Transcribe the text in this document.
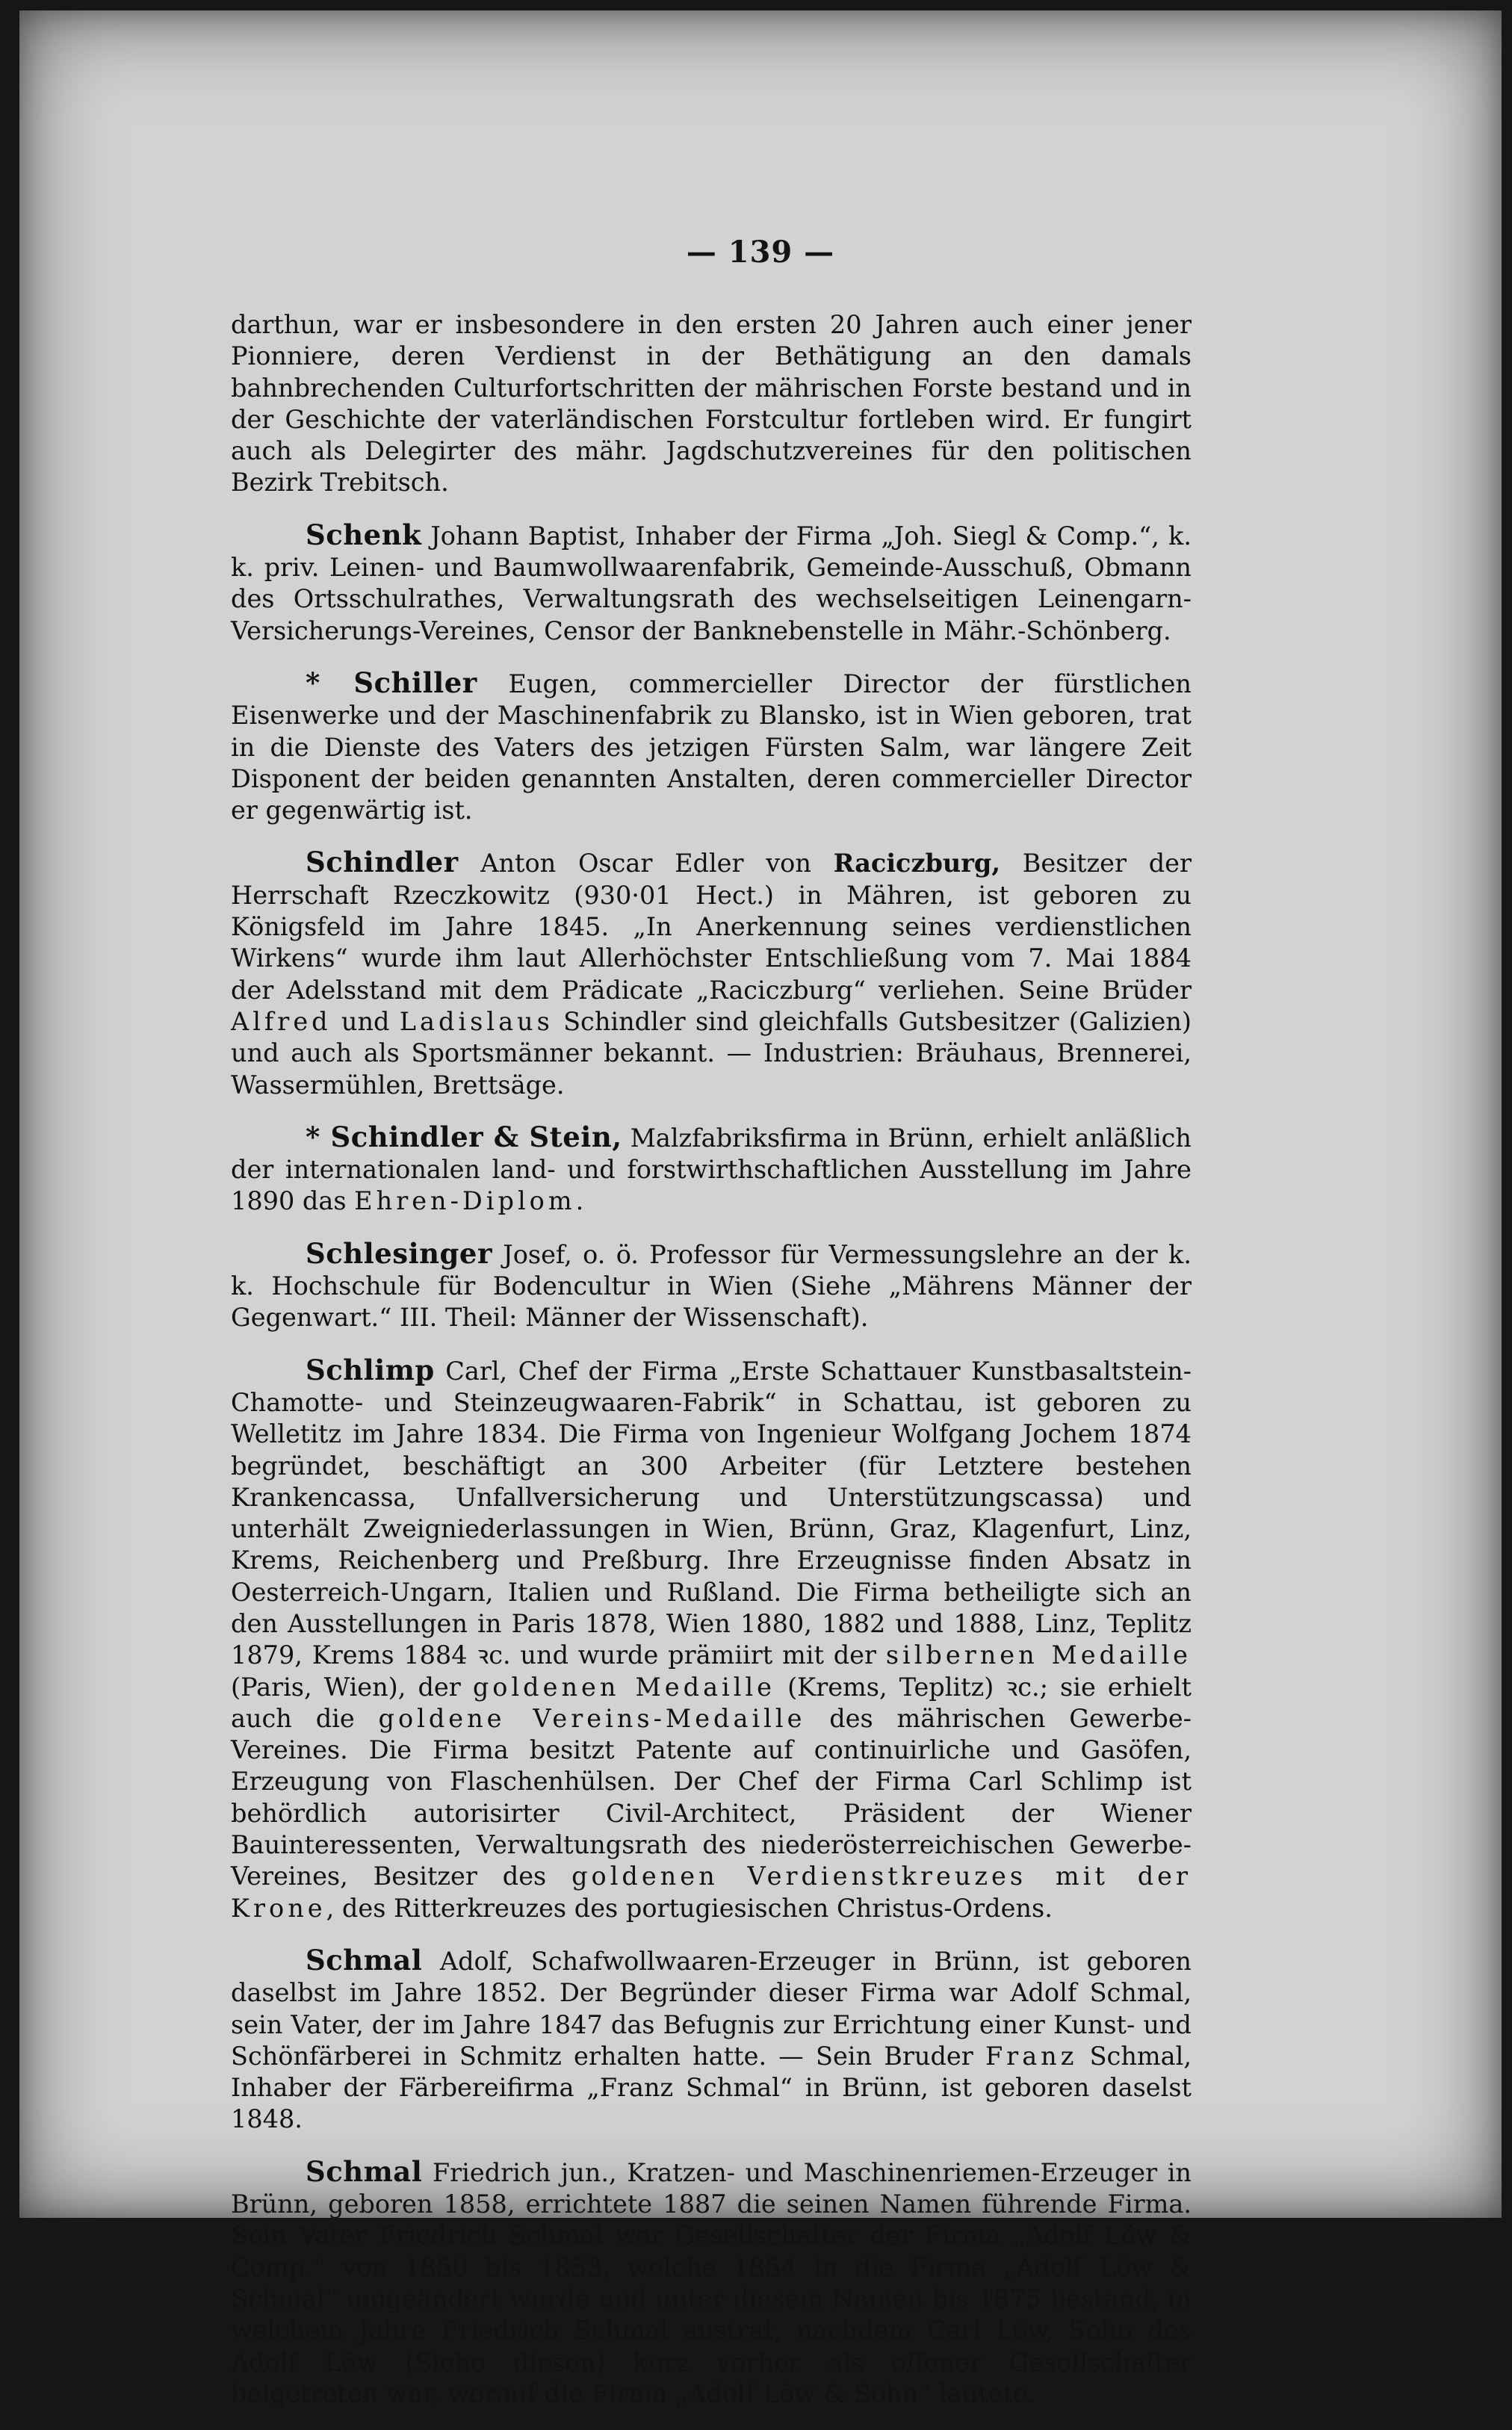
— 139 —

darthun, war er insbesondere in den ersten 20 Jahren auch einer jener Pionniere, deren Verdienst in der Bethätigung an den damals bahnbrechenden Culturfortschritten der mährischen Forste bestand und in der Geschichte der vaterländischen Forstcultur fortleben wird. Er fungirt auch als Delegirter des mähr. Jagdschutzvereines für den politischen Bezirk Trebitsch.

Schenk Johann Baptist, Inhaber der Firma „Joh. Siegl & Comp.“, k. k. priv. Leinen- und Baumwollwaarenfabrik, Gemeinde-Ausschuß, Obmann des Ortsschulrathes, Verwaltungsrath des wechselseitigen Leinengarn-Versicherungs-Vereines, Censor der Banknebenstelle in Mähr.-Schönberg.

* Schiller Eugen, commercieller Director der fürstlichen Eisenwerke und der Maschinenfabrik zu Blansko, ist in Wien geboren, trat in die Dienste des Vaters des jetzigen Fürsten Salm, war längere Zeit Disponent der beiden genannten Anstalten, deren commercieller Director er gegenwärtig ist.

Schindler Anton Oscar Edler von Raciczburg, Besitzer der Herrschaft Rzeczkowitz (930·01 Hect.) in Mähren, ist geboren zu Königsfeld im Jahre 1845. „In Anerkennung seines verdienstlichen Wirkens“ wurde ihm laut Allerhöchster Entschließung vom 7. Mai 1884 der Adelsstand mit dem Prädicate „Raciczburg“ verliehen. Seine Brüder Alfred und Ladislaus Schindler sind gleichfalls Gutsbesitzer (Galizien) und auch als Sportsmänner bekannt. — Industrien: Bräuhaus, Brennerei, Wassermühlen, Brettsäge.

* Schindler & Stein, Malzfabriksfirma in Brünn, erhielt anläßlich der internationalen land- und forstwirthschaftlichen Ausstellung im Jahre 1890 das Ehren-Diplom.

Schlesinger Josef, o. ö. Professor für Vermessungslehre an der k. k. Hochschule für Bodencultur in Wien (Siehe „Mährens Männer der Gegenwart.“ III. Theil: Männer der Wissenschaft).

Schlimp Carl, Chef der Firma „Erste Schattauer Kunstbasaltstein-Chamotte- und Steinzeugwaaren-Fabrik“ in Schattau, ist geboren zu Welletitz im Jahre 1834. Die Firma von Ingenieur Wolfgang Jochem 1874 begründet, beschäftigt an 300 Arbeiter (für Letztere bestehen Krankencassa, Unfallversicherung und Unterstützungscassa) und unterhält Zweigniederlassungen in Wien, Brünn, Graz, Klagenfurt, Linz, Krems, Reichenberg und Preßburg. Ihre Erzeugnisse finden Absatz in Oesterreich-Ungarn, Italien und Rußland. Die Firma betheiligte sich an den Ausstellungen in Paris 1878, Wien 1880, 1882 und 1888, Linz, Teplitz 1879, Krems 1884 ꝛc. und wurde prämiirt mit der silbernen Medaille (Paris, Wien), der goldenen Medaille (Krems, Teplitz) ꝛc.; sie erhielt auch die goldene Vereins-Medaille des mährischen Gewerbe-Vereines. Die Firma besitzt Patente auf continuirliche und Gasöfen, Erzeugung von Flaschenhülsen. Der Chef der Firma Carl Schlimp ist behördlich autorisirter Civil-Architect, Präsident der Wiener Bauinteressenten, Verwaltungsrath des niederösterreichischen Gewerbe-Vereines, Besitzer des goldenen Verdienstkreuzes mit der Krone, des Ritterkreuzes des portugiesischen Christus-Ordens.

Schmal Adolf, Schafwollwaaren-Erzeuger in Brünn, ist geboren daselbst im Jahre 1852. Der Begründer dieser Firma war Adolf Schmal, sein Vater, der im Jahre 1847 das Befugnis zur Errichtung einer Kunst- und Schönfärberei in Schmitz erhalten hatte. — Sein Bruder Franz Schmal, Inhaber der Färbereifirma „Franz Schmal“ in Brünn, ist geboren daselst 1848.

Schmal Friedrich jun., Kratzen- und Maschinenriemen-Erzeuger in Brünn, geboren 1858, errichtete 1887 die seinen Namen führende Firma. Sein Vater Friedrich Schmal war Gesellschafter der Firma „Adolf Löw & Comp.“ von 1850 bis 1853, welche 1854 in die Firma „Adolf Löw & Schmal“ umgeändert wurde und unter diesem Namen bis 1875 bestand, in welchem Jahre Friedrich Schmal austrat, nachdem Carl Löw, Sohn des Adolf Löw (Siehe diesen) kurz vorher als offener Gesellschafter beigetreten war, worauf die Firma „Adolf Löw & Sohn“ lautete.
